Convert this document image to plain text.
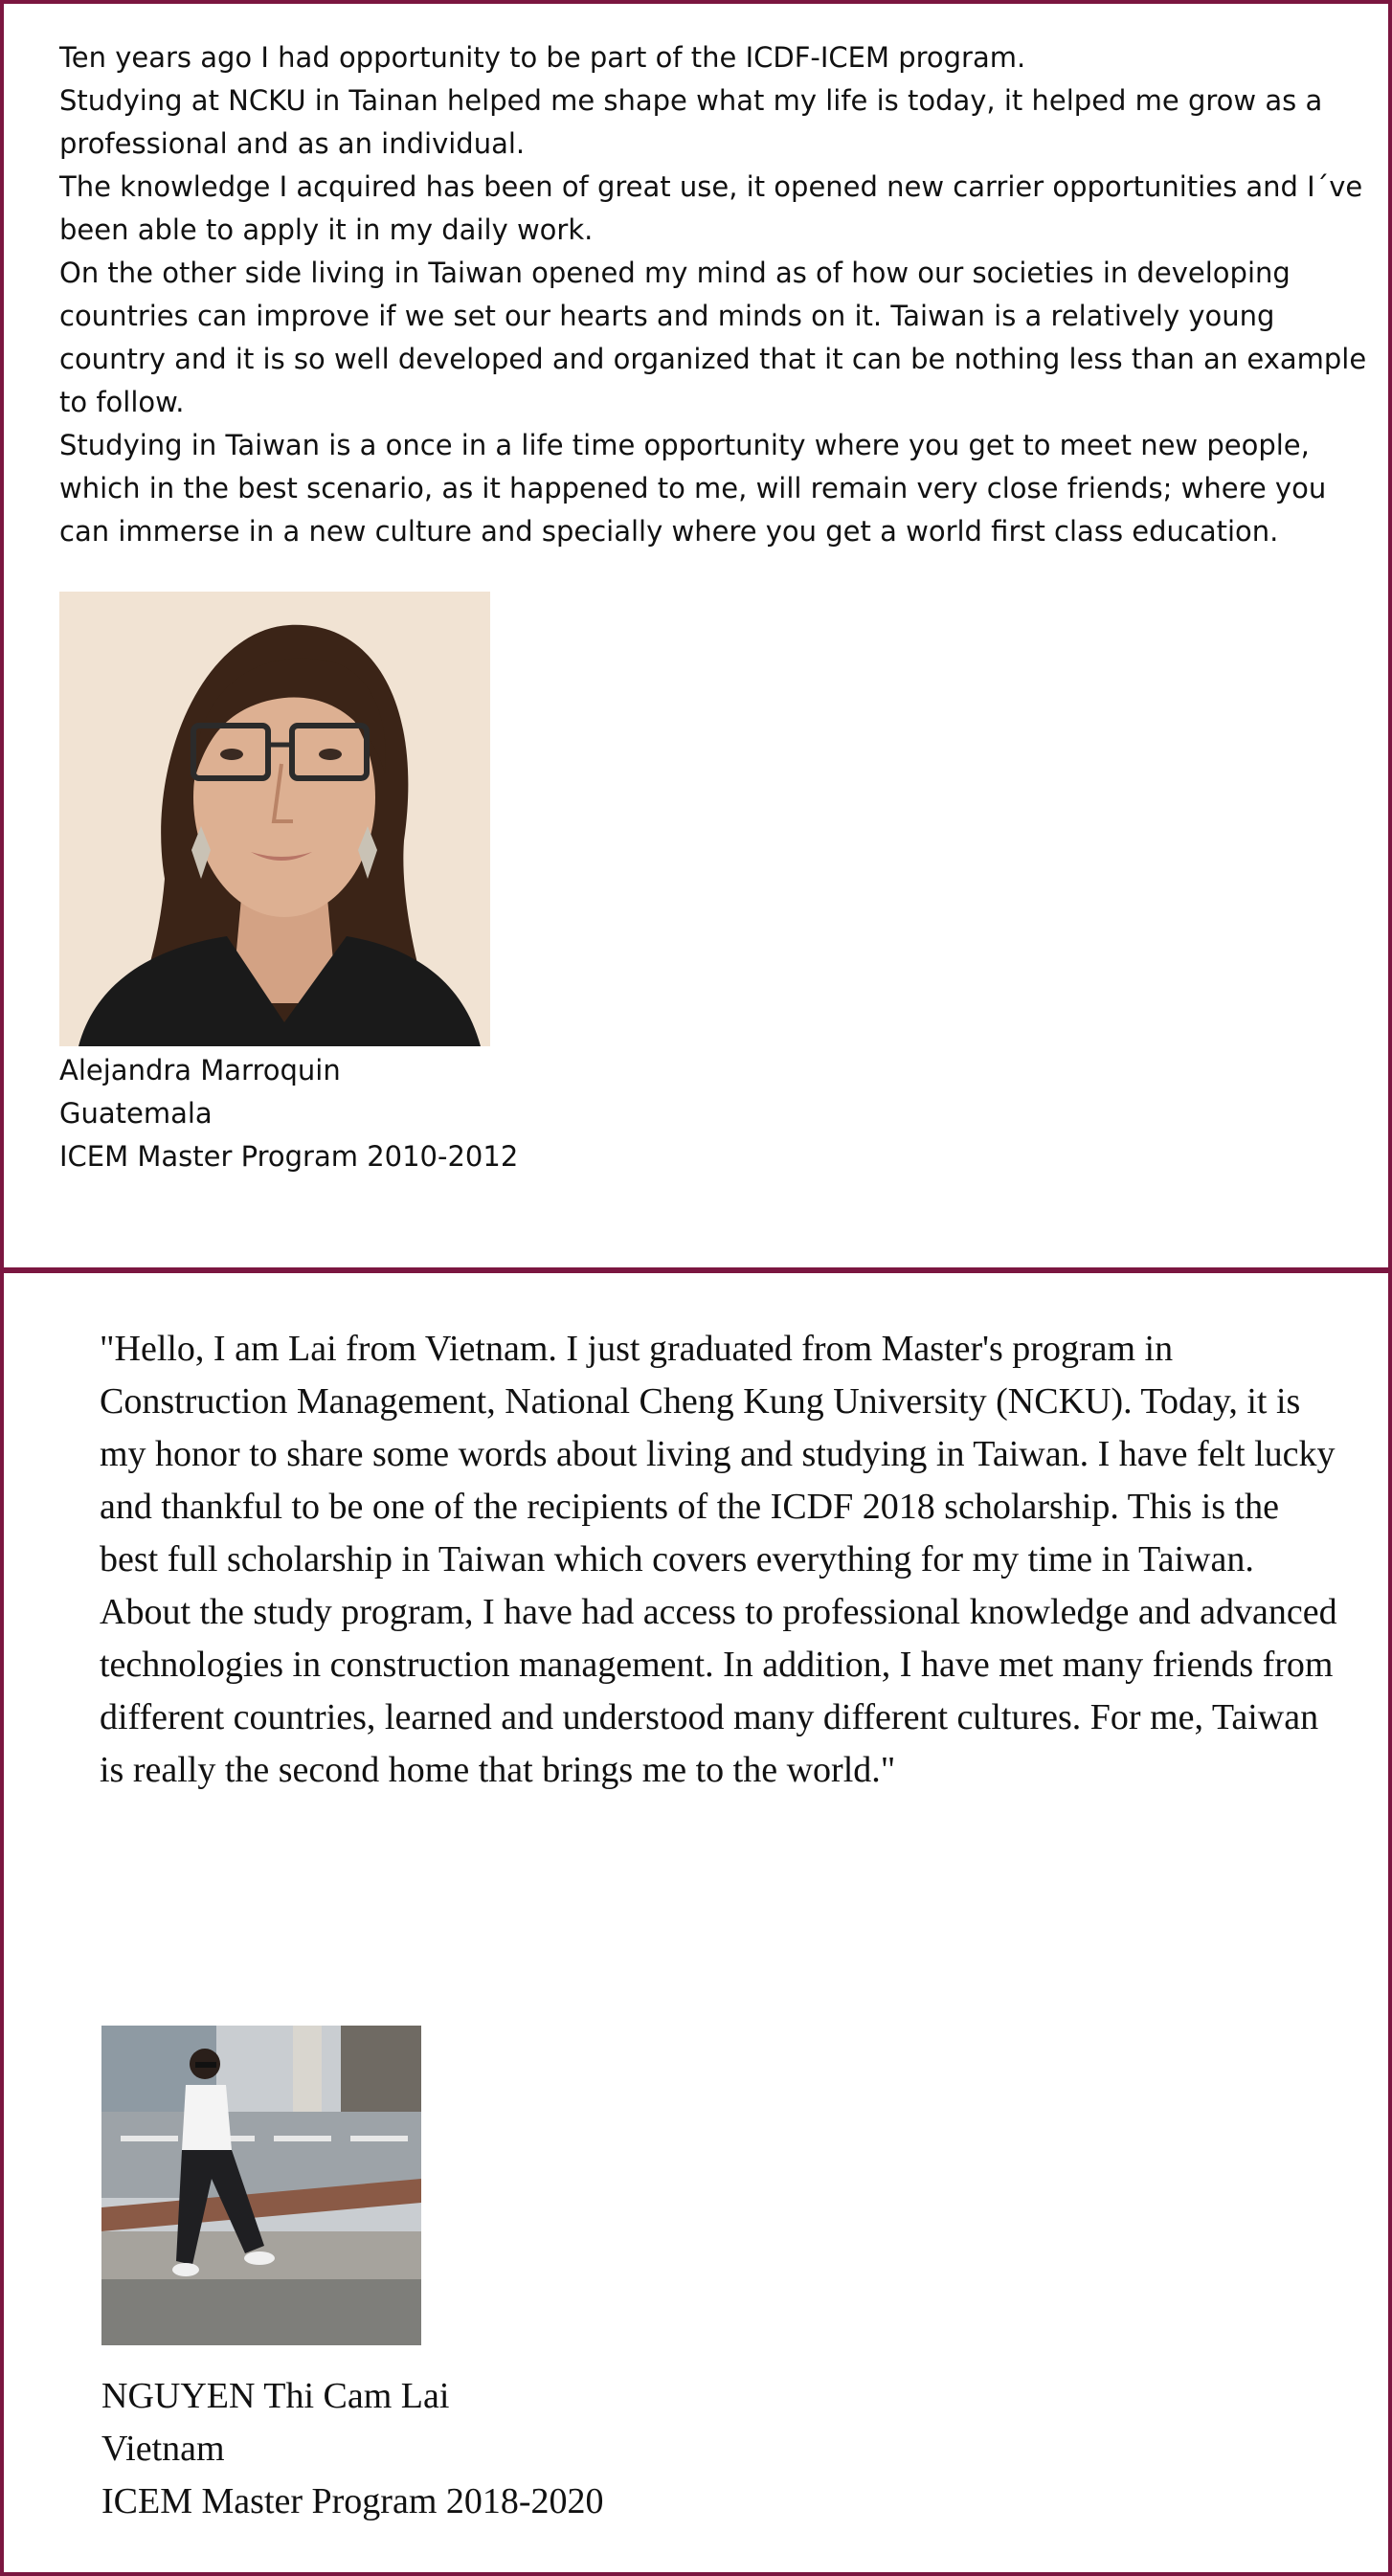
Ten years ago I had opportunity to be part of the ICDF-ICEM program.

Studying at NCKU in Tainan helped me shape what my life is today, it helped me grow as a professional and as an individual.

The knowledge I acquired has been of great use, it opened new carrier opportunities and I´ve been able to apply it in my daily work.

On the other side living in Taiwan opened my mind as of how our societies in developing countries can improve if we set our hearts and minds on it. Taiwan is a relatively young country and it is so well developed and organized that it can be nothing less than an example to follow.

Studying in Taiwan is a once in a life time opportunity where you get to meet new people, which in the best scenario, as it happened to me, will remain very close friends; where you can immerse in a new culture and specially where you get a world first class education.

Alejandra Marroquin
Guatemala
ICEM Master Program 2010-2012

"Hello, I am Lai from Vietnam. I just graduated from Master's program in Construction Management, National Cheng Kung University (NCKU). Today, it is my honor to share some words about living and studying in Taiwan. I have felt lucky and thankful to be one of the recipients of the ICDF 2018 scholarship. This is the best full scholarship in Taiwan which covers everything for my time in Taiwan.

About the study program, I have had access to professional knowledge and advanced technologies in construction management. In addition, I have met many friends from different countries, learned and understood many different cultures. For me, Taiwan is really the second home that brings me to the world."

NGUYEN Thi Cam Lai
Vietnam
ICEM Master Program 2018-2020
